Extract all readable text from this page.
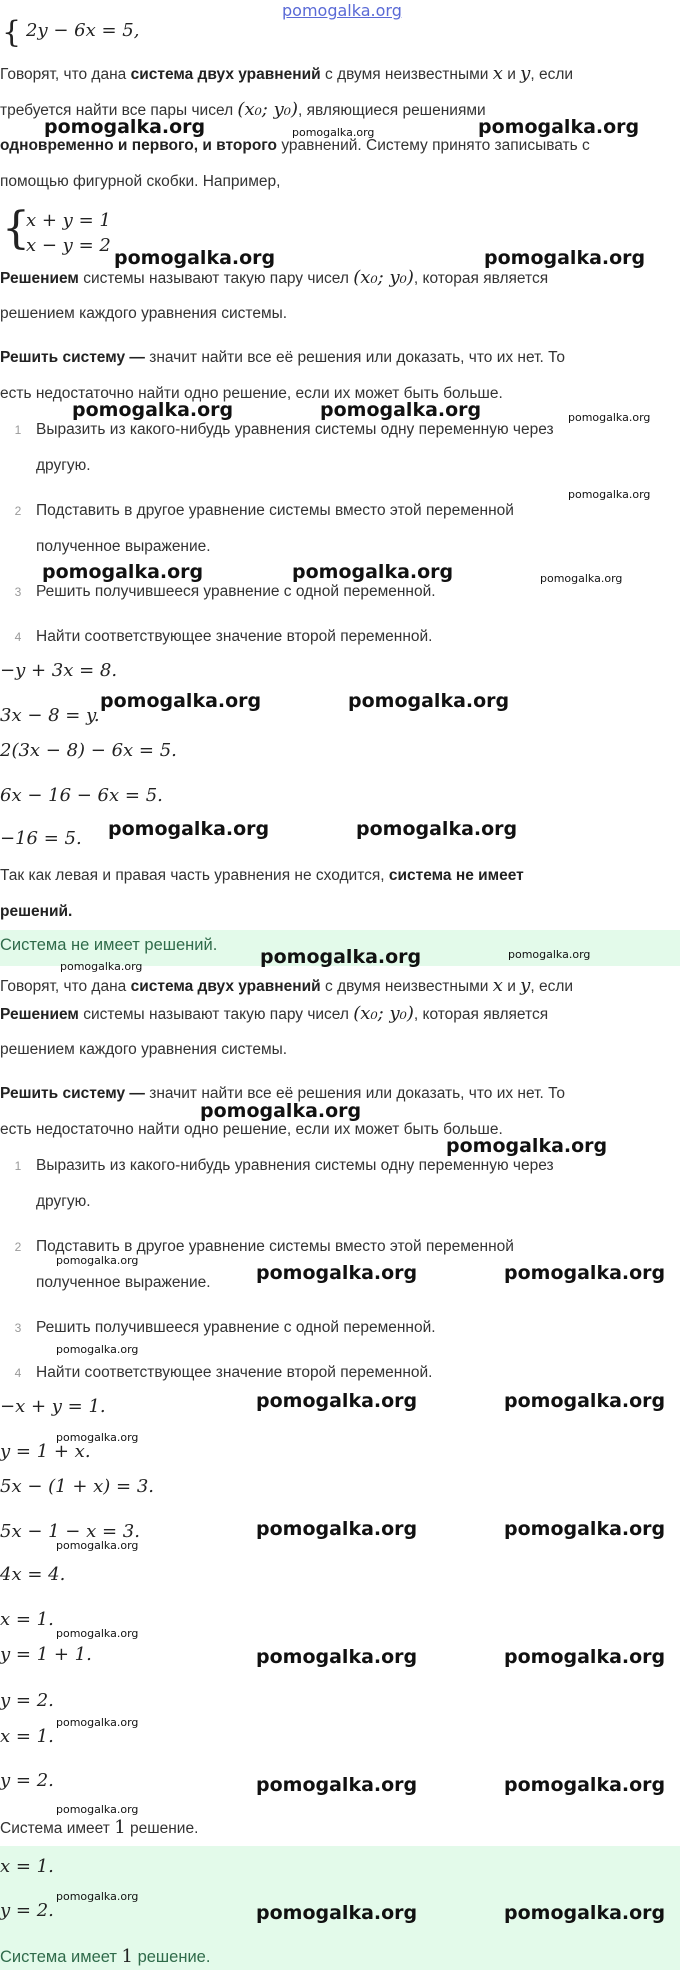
{ 2y − 6x = 5,
Говорят, что дана система двух уравнений с двумя неизвестными x и y, если
требуется найти все пары чисел (x₀; y₀), являющиеся решениями
одновременно и первого, и второго уравнений. Систему принято записывать с
помощью фигурной скобки. Например,
{
x + y = 1
x − y = 2
Решением системы называют такую пару чисел (x₀; y₀), которая является
решением каждого уравнения системы.
Решить систему — значит найти все её решения или доказать, что их нет. То
есть недостаточно найти одно решение, если их может быть больше.
1 Выразить из какого-нибудь уравнения системы одну переменную через
другую.
2 Подставить в другое уравнение системы вместо этой переменной
полученное выражение.
3 Решить получившееся уравнение с одной переменной.
4 Найти соответствующее значение второй переменной.
−y + 3x = 8.
3x − 8 = y.
2(3x − 8) − 6x = 5.
6x − 16 − 6x = 5.
−16 = 5.
Так как левая и правая часть уравнения не сходится, система не имеет
решений.
Система не имеет решений.
Говорят, что дана система двух уравнений с двумя неизвестными x и y, если
Решением системы называют такую пару чисел (x₀; y₀), которая является
решением каждого уравнения системы.
Решить систему — значит найти все её решения или доказать, что их нет. То
есть недостаточно найти одно решение, если их может быть больше.
1 Выразить из какого-нибудь уравнения системы одну переменную через
другую.
2 Подставить в другое уравнение системы вместо этой переменной
полученное выражение.
3 Решить получившееся уравнение с одной переменной.
4 Найти соответствующее значение второй переменной.
−x + y = 1.
y = 1 + x.
5x − (1 + x) = 3.
5x − 1 − x = 3.
4x = 4.
x = 1.
y = 1 + 1.
y = 2.
x = 1.
y = 2.
Система имеет 1 решение.
x = 1.
y = 2.
Система имеет 1 решение.
pomogalka.org
pomogalka.org	pomogalka.org	pomogalka.org
pomogalka.org	pomogalka.org
pomogalka.org	pomogalka.org	pomogalka.org
pomogalka.org
pomogalka.org	pomogalka.org	pomogalka.org
pomogalka.org	pomogalka.org
pomogalka.org	pomogalka.org
pomogalka.org	pomogalka.org
pomogalka.org
pomogalka.org
pomogalka.org
pomogalka.org
pomogalka.org	pomogalka.org
pomogalka.org
pomogalka.org	pomogalka.org
pomogalka.org
pomogalka.org
pomogalka.org	pomogalka.org
pomogalka.org
pomogalka.org	pomogalka.org
pomogalka.org
pomogalka.org	pomogalka.org
pomogalka.org
pomogalka.org
pomogalka.org	pomogalka.org
